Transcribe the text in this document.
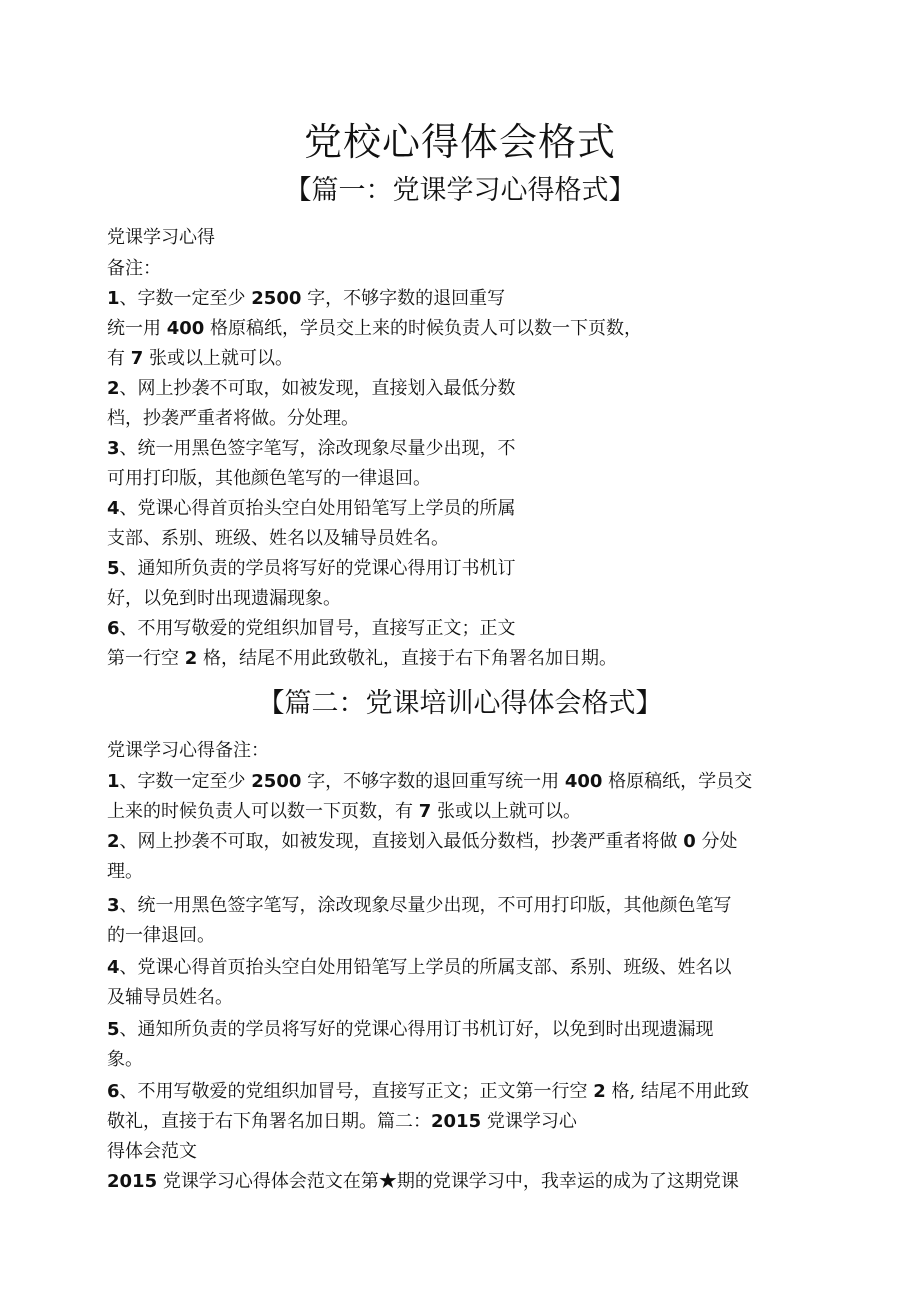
党校心得体会格式
【篇一：党课学习心得格式】
党课学习心得
备注：
1、字数一定至少 2500 字，不够字数的退回重写
统一用 400 格原稿纸，学员交上来的时候负责人可以数一下页数，
有 7 张或以上就可以。
2、网上抄袭不可取，如被发现，直接划入最低分数
档，抄袭严重者将做。分处理。
3、统一用黑色签字笔写，涂改现象尽量少出现，不
可用打印版，其他颜色笔写的一律退回。
4、党课心得首页抬头空白处用铅笔写上学员的所属
支部、系别、班级、姓名以及辅导员姓名。
5、通知所负责的学员将写好的党课心得用订书机订
好，以免到时出现遗漏现象。
6、不用写敬爱的党组织加冒号，直接写正文；正文
第一行空 2 格，结尾不用此致敬礼，直接于右下角署名加日期。
【篇二：党课培训心得体会格式】
党课学习心得备注：
1、字数一定至少 2500 字，不够字数的退回重写统一用 400 格原稿纸，学员交
上来的时候负责人可以数一下页数，有 7 张或以上就可以。
2、网上抄袭不可取，如被发现，直接划入最低分数档，抄袭严重者将做 0 分处
理。
3、统一用黑色签字笔写，涂改现象尽量少出现，不可用打印版，其他颜色笔写
的一律退回。
4、党课心得首页抬头空白处用铅笔写上学员的所属支部、系别、班级、姓名以
及辅导员姓名。
5、通知所负责的学员将写好的党课心得用订书机订好，以免到时出现遗漏现
象。
6、不用写敬爱的党组织加冒号，直接写正文；正文第一行空 2 格, 结尾不用此致
敬礼，直接于右下角署名加日期。篇二：2015 党课学习心
得体会范文
2015 党课学习心得体会范文在第★期的党课学习中，我幸运的成为了这期党课
